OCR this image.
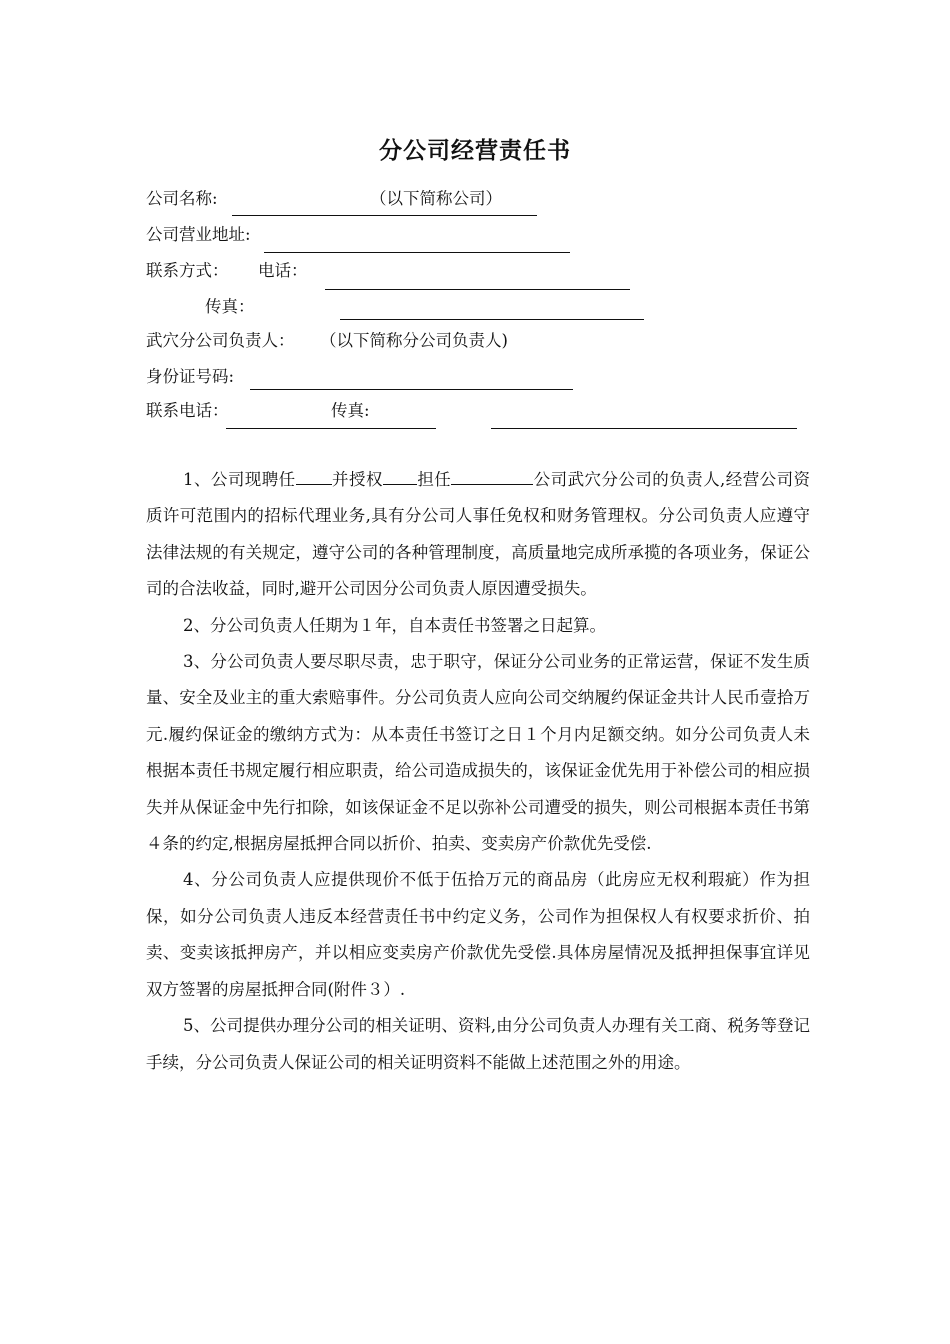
分公司经营责任书
公司名称:	（以下简称公司）
公司营业地址:
联系方式： 电话：
传真：
武穴分公司负责人： （以下简称分公司负责人)
身份证号码:
联系电话：	传真:

1、公司现聘任 并授权 担任	公司武穴分公司的负责人,经营公司资质许可范围内的招标代理业务,具有分公司人事任免权和财务管理权。分公司负责人应遵守法律法规的有关规定，遵守公司的各种管理制度，高质量地完成所承揽的各项业务，保证公司的合法收益，同时,避开公司因分公司负责人原因遭受损失。

2、分公司负责人任期为１年，自本责任书签署之日起算。

3、分公司负责人要尽职尽责，忠于职守，保证分公司业务的正常运营，保证不发生质量、安全及业主的重大索赔事件。分公司负责人应向公司交纳履约保证金共计人民币壹拾万元.履约保证金的缴纳方式为：从本责任书签订之日１个月内足额交纳。如分公司负责人未根据本责任书规定履行相应职责，给公司造成损失的，该保证金优先用于补偿公司的相应损失并从保证金中先行扣除，如该保证金不足以弥补公司遭受的损失，则公司根据本责任书第４条的约定,根据房屋抵押合同以折价、拍卖、变卖房产价款优先受偿.

4、分公司负责人应提供现价不低于伍拾万元的商品房（此房应无权利瑕疵）作为担保，如分公司负责人违反本经营责任书中约定义务，公司作为担保权人有权要求折价、拍卖、变卖该抵押房产，并以相应变卖房产价款优先受偿.具体房屋情况及抵押担保事宜详见双方签署的房屋抵押合同(附件３）.

5、公司提供办理分公司的相关证明、资料,由分公司负责人办理有关工商、税务等登记手续，分公司负责人保证公司的相关证明资料不能做上述范围之外的用途。
